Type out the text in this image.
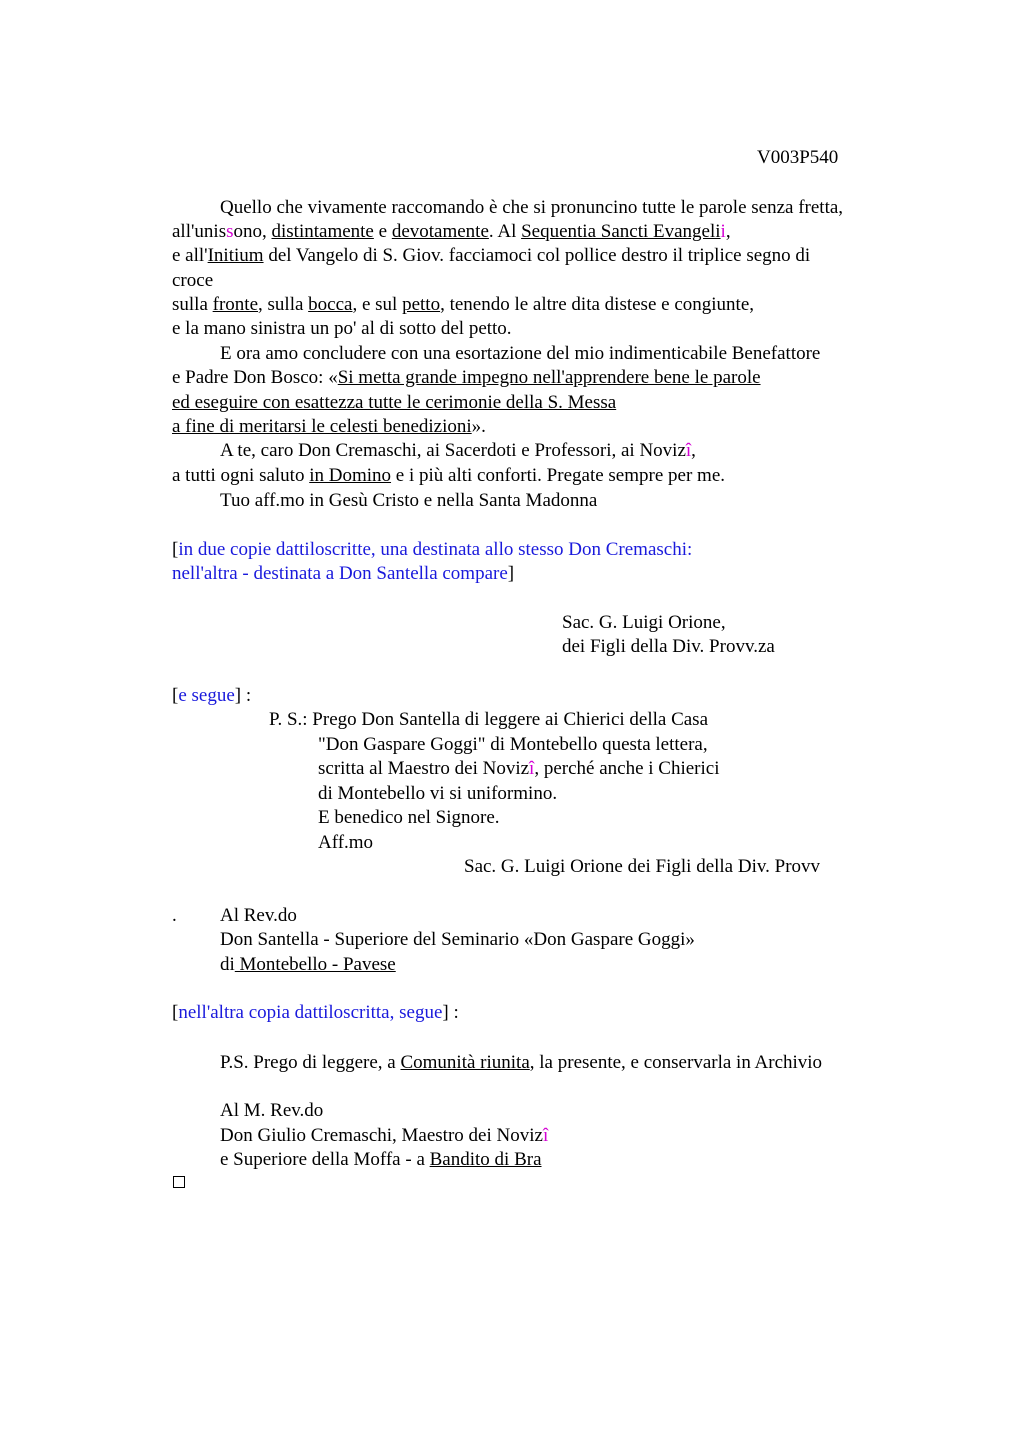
V003P540

Quello che vivamente raccomando è che si pronuncino tutte le parole senza fretta,

all'unissono, distintamente e devotamente. Al Sequentia Sancti Evangelii,

e all'Initium del Vangelo di S. Giov. facciamoci col pollice destro il triplice segno di

croce

sulla fronte, sulla bocca, e sul petto, tenendo le altre dita distese e congiunte,

e la mano sinistra un po' al di sotto del petto.

E ora amo concludere con una esortazione del mio indimenticabile Benefattore

e Padre Don Bosco: «Si metta grande impegno nell'apprendere bene le parole

ed eseguire con esattezza tutte le cerimonie della S. Messa

a fine di meritarsi le celesti benedizioni».

A te, caro Don Cremaschi, ai Sacerdoti e Professori, ai Novizî,

a tutti ogni saluto in Domino e i più alti conforti. Pregate sempre per me.

Tuo aff.mo in Gesù Cristo e nella Santa Madonna

[in due copie dattiloscritte, una destinata allo stesso Don Cremaschi:

nell'altra - destinata a Don Santella compare]

Sac. G. Luigi Orione,

dei Figli della Div. Provv.za

[e segue] :

P. S.: Prego Don Santella di leggere ai Chierici della Casa

"Don Gaspare Goggi" di Montebello questa lettera,

scritta al Maestro dei Novizî, perché anche i Chierici

di Montebello vi si uniformino.

E benedico nel Signore.

Aff.mo

Sac. G. Luigi Orione dei Figli della Div. Provv

. Al Rev.do

Don Santella - Superiore del Seminario «Don Gaspare Goggi»

di Montebello - Pavese

[nell'altra copia dattiloscritta, segue] :

P.S. Prego di leggere, a Comunità riunita, la presente, e conservarla in Archivio

Al M. Rev.do

Don Giulio Cremaschi, Maestro dei Novizî

e Superiore della Moffa - a Bandito di Bra
